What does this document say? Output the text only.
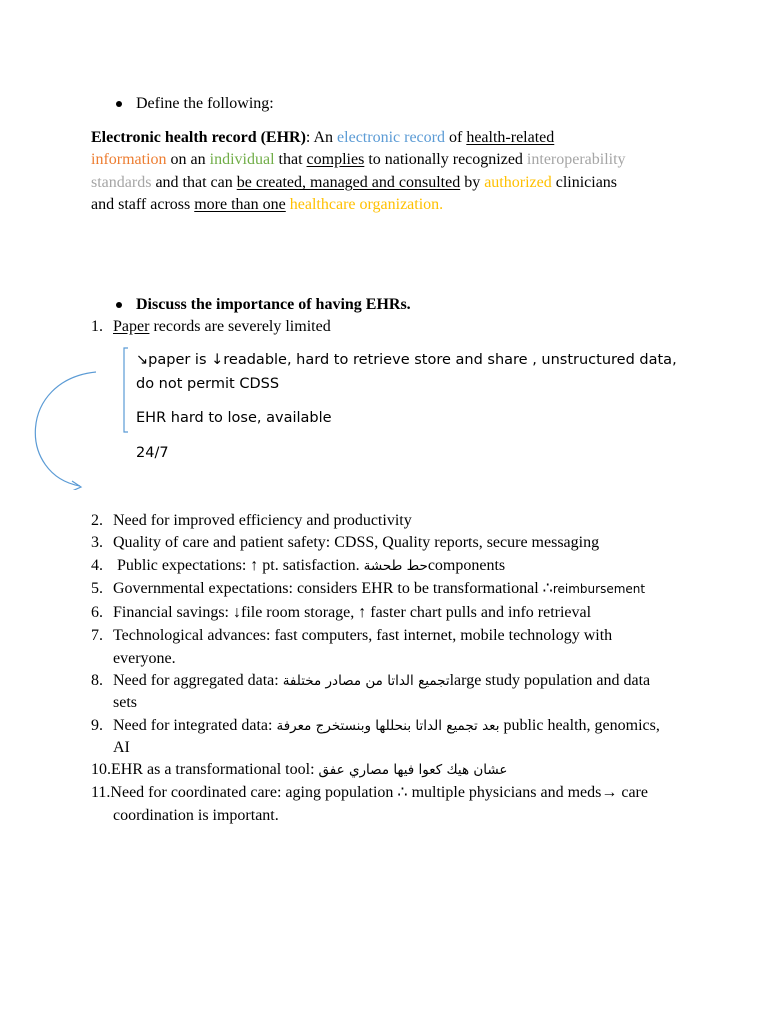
Define the following:
Electronic health record (EHR): An electronic record of health-related
information on an individual that complies to nationally recognized interoperability
standards and that can be created, managed and consulted by authorized clinicians
and staff across more than one healthcare organization.
Discuss the importance of having EHRs.
1. Paper records are severely limited
↘paper is ↓readable, hard to retrieve store and share , unstructured data,
do not permit CDSS
EHR hard to lose, available
24/7
2. Need for improved efficiency and productivity
3. Quality of care and patient safety: CDSS, Quality reports, secure messaging
4. Public expectations: ↑ pt. satisfaction. حط طحشةcomponents
5. Governmental expectations: considers EHR to be transformational ∴reimbursement
6. Financial savings: ↓file room storage, ↑ faster chart pulls and info retrieval
7. Technological advances: fast computers, fast internet, mobile technology with
everyone.
8. Need for aggregated data: تجميع الداتا من مصادر مختلفةlarge study population and data
sets
9. Need for integrated data: بعد تجميع الداتا بنحللها وبنستخرج معرفة public health, genomics,
AI
10.EHR as a transformational tool: عشان هيك كعوا فيها مصاري عفق
11.Need for coordinated care: aging population ∴ multiple physicians and meds→ care
coordination is important.
